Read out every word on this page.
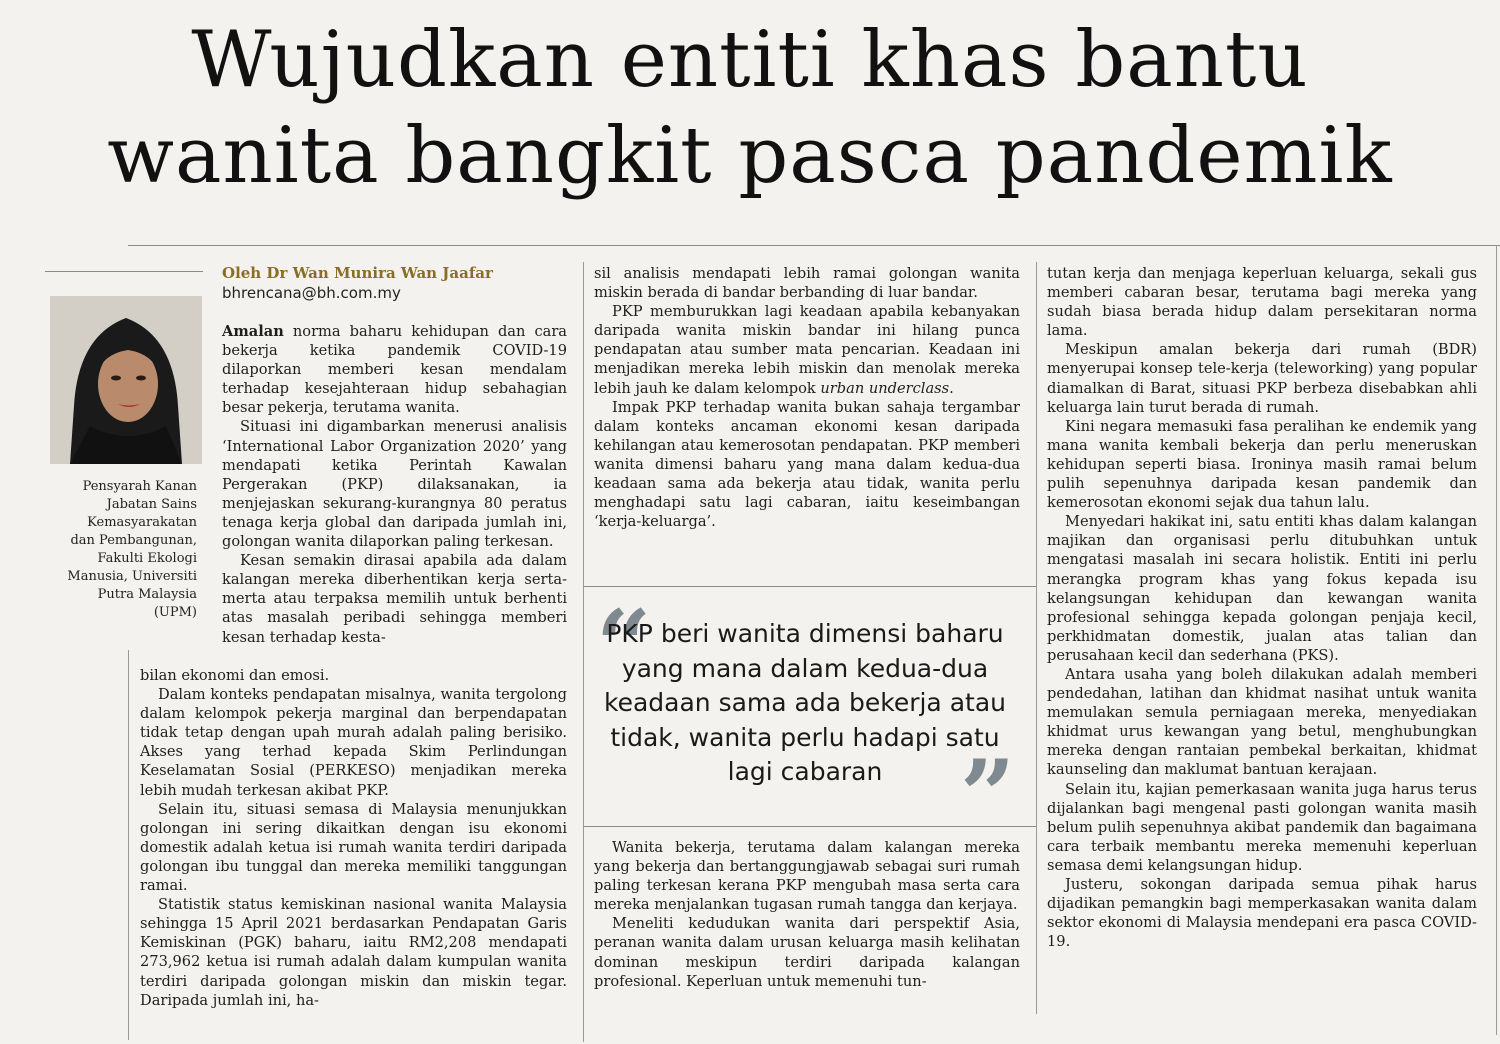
Wujudkan entiti khas bantu
wanita bangkit pasca pandemik
Pensyarah Kanan
Jabatan Sains
Kemasyarakatan
dan Pembangunan,
Fakulti Ekologi
Manusia, Universiti
Putra Malaysia
(UPM)
Oleh Dr Wan Munira Wan Jaafar
bhrencana@bh.com.my

Amalan norma baharu kehidupan dan cara bekerja ketika pandemik COVID-19 dilaporkan memberi kesan mendalam terhadap kesejahteraan hidup sebahagian besar pekerja, terutama wanita.

Situasi ini digambarkan menerusi analisis ‘International Labor Organization 2020’ yang mendapati ketika Perintah Kawalan Pergerakan (PKP) dilaksanakan, ia menjejaskan sekurang-kurangnya 80 peratus tenaga kerja global dan daripada jumlah ini, golongan wanita dilaporkan paling terkesan.

Kesan semakin dirasai apabila ada dalam kalangan mereka diberhentikan kerja serta-merta atau terpaksa memilih untuk berhenti atas masalah peribadi sehingga memberi kesan terhadap kesta-

bilan ekonomi dan emosi.

Dalam konteks pendapatan misalnya, wanita tergolong dalam kelompok pekerja marginal dan berpendapatan tidak tetap dengan upah murah adalah paling berisiko. Akses yang terhad kepada Skim Perlindungan Keselamatan Sosial (PERKESO) menjadikan mereka lebih mudah terkesan akibat PKP.

Selain itu, situasi semasa di Malaysia menunjukkan golongan ini sering dikaitkan dengan isu ekonomi domestik adalah ketua isi rumah wanita terdiri daripada golongan ibu tunggal dan mereka memiliki tanggungan ramai.

Statistik status kemiskinan nasional wanita Malaysia sehingga 15 April 2021 berdasarkan Pendapatan Garis Kemiskinan (PGK) baharu, iaitu RM2,208 mendapati 273,962 ketua isi rumah adalah dalam kumpulan wanita terdiri daripada golongan miskin dan miskin tegar. Daripada jumlah ini, ha-

sil analisis mendapati lebih ramai golongan wanita miskin berada di bandar berbanding di luar bandar.

PKP memburukkan lagi keadaan apabila kebanyakan daripada wanita miskin bandar ini hilang punca pendapatan atau sumber mata pencarian. Keadaan ini menjadikan mereka lebih miskin dan menolak mereka lebih jauh ke dalam kelompok urban underclass.

Impak PKP terhadap wanita bukan sahaja tergambar dalam konteks ancaman ekonomi kesan daripada kehilangan atau kemerosotan pendapatan. PKP memberi wanita dimensi baharu yang mana dalam kedua-dua keadaan sama ada bekerja atau tidak, wanita perlu menghadapi satu lagi cabaran, iaitu keseimbangan ‘kerja-keluarga’.

“
PKP beri wanita dimensi baharu yang mana dalam kedua-dua keadaan sama ada bekerja atau tidak, wanita perlu hadapi satu lagi cabaran ”

Wanita bekerja, terutama dalam kalangan mereka yang bekerja dan bertanggungjawab sebagai suri rumah paling terkesan kerana PKP mengubah masa serta cara mereka menjalankan tugasan rumah tangga dan kerjaya.

Meneliti kedudukan wanita dari perspektif Asia, peranan wanita dalam urusan keluarga masih kelihatan dominan meskipun terdiri daripada kalangan profesional. Keperluan untuk memenuhi tun-

tutan kerja dan menjaga keperluan keluarga, sekali gus memberi cabaran besar, terutama bagi mereka yang sudah biasa berada hidup dalam persekitaran norma lama.

Meskipun amalan bekerja dari rumah (BDR) menyerupai konsep tele-kerja (teleworking) yang popular diamalkan di Barat, situasi PKP berbeza disebabkan ahli keluarga lain turut berada di rumah.

Kini negara memasuki fasa peralihan ke endemik yang mana wanita kembali bekerja dan perlu meneruskan kehidupan seperti biasa. Ironinya masih ramai belum pulih sepenuhnya daripada kesan pandemik dan kemerosotan ekonomi sejak dua tahun lalu.

Menyedari hakikat ini, satu entiti khas dalam kalangan majikan dan organisasi perlu ditubuhkan untuk mengatasi masalah ini secara holistik. Entiti ini perlu merangka program khas yang fokus kepada isu kelangsungan kehidupan dan kewangan wanita profesional sehingga kepada golongan penjaja kecil, perkhidmatan domestik, jualan atas talian dan perusahaan kecil dan sederhana (PKS).

Antara usaha yang boleh dilakukan adalah memberi pendedahan, latihan dan khidmat nasihat untuk wanita memulakan semula perniagaan mereka, menyediakan khidmat urus kewangan yang betul, menghubungkan mereka dengan rantaian pembekal berkaitan, khidmat kaunseling dan maklumat bantuan kerajaan.

Selain itu, kajian pemerkasaan wanita juga harus terus dijalankan bagi mengenal pasti golongan wanita masih belum pulih sepenuhnya akibat pandemik dan bagaimana cara terbaik membantu mereka memenuhi keperluan semasa demi kelangsungan hidup.

Justeru, sokongan daripada semua pihak harus dijadikan pemangkin bagi memperkasakan wanita dalam sektor ekonomi di Malaysia mendepani era pasca COVID-19.
